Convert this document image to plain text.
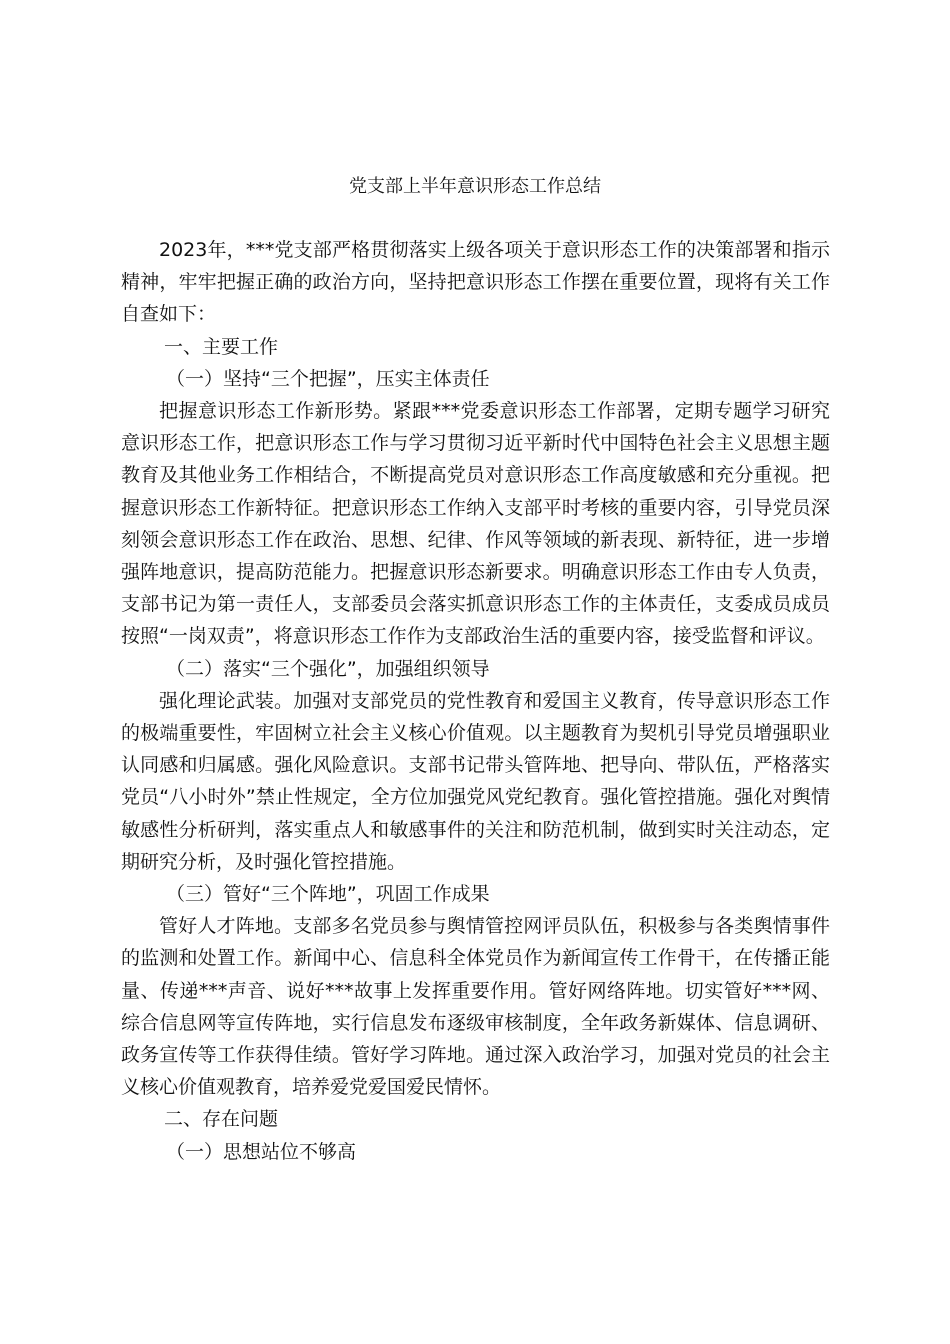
党支部上半年意识形态工作总结

2023年，***党支部严格贯彻落实上级各项关于意识形态工作的决策部署和指示精神，牢牢把握正确的政治方向，坚持把意识形态工作摆在重要位置，现将有关工作自查如下：

一、主要工作

（一）坚持“三个把握”，压实主体责任

把握意识形态工作新形势。紧跟***党委意识形态工作部署，定期专题学习研究意识形态工作，把意识形态工作与学习贯彻习近平新时代中国特色社会主义思想主题教育及其他业务工作相结合，不断提高党员对意识形态工作高度敏感和充分重视。把握意识形态工作新特征。把意识形态工作纳入支部平时考核的重要内容，引导党员深刻领会意识形态工作在政治、思想、纪律、作风等领域的新表现、新特征，进一步增强阵地意识，提高防范能力。把握意识形态新要求。明确意识形态工作由专人负责，支部书记为第一责任人，支部委员会落实抓意识形态工作的主体责任，支委成员成员按照“一岗双责”，将意识形态工作作为支部政治生活的重要内容，接受监督和评议。

（二）落实“三个强化”，加强组织领导

强化理论武装。加强对支部党员的党性教育和爱国主义教育，传导意识形态工作的极端重要性，牢固树立社会主义核心价值观。以主题教育为契机引导党员增强职业认同感和归属感。强化风险意识。支部书记带头管阵地、把导向、带队伍，严格落实党员“八小时外”禁止性规定，全方位加强党风党纪教育。强化管控措施。强化对舆情敏感性分析研判，落实重点人和敏感事件的关注和防范机制，做到实时关注动态，定期研究分析，及时强化管控措施。

（三）管好“三个阵地”，巩固工作成果

管好人才阵地。支部多名党员参与舆情管控网评员队伍，积极参与各类舆情事件的监测和处置工作。新闻中心、信息科全体党员作为新闻宣传工作骨干，在传播正能量、传递***声音、说好***故事上发挥重要作用。管好网络阵地。切实管好***网、综合信息网等宣传阵地，实行信息发布逐级审核制度，全年政务新媒体、信息调研、政务宣传等工作获得佳绩。管好学习阵地。通过深入政治学习，加强对党员的社会主义核心价值观教育，培养爱党爱国爱民情怀。

二、存在问题

（一）思想站位不够高
